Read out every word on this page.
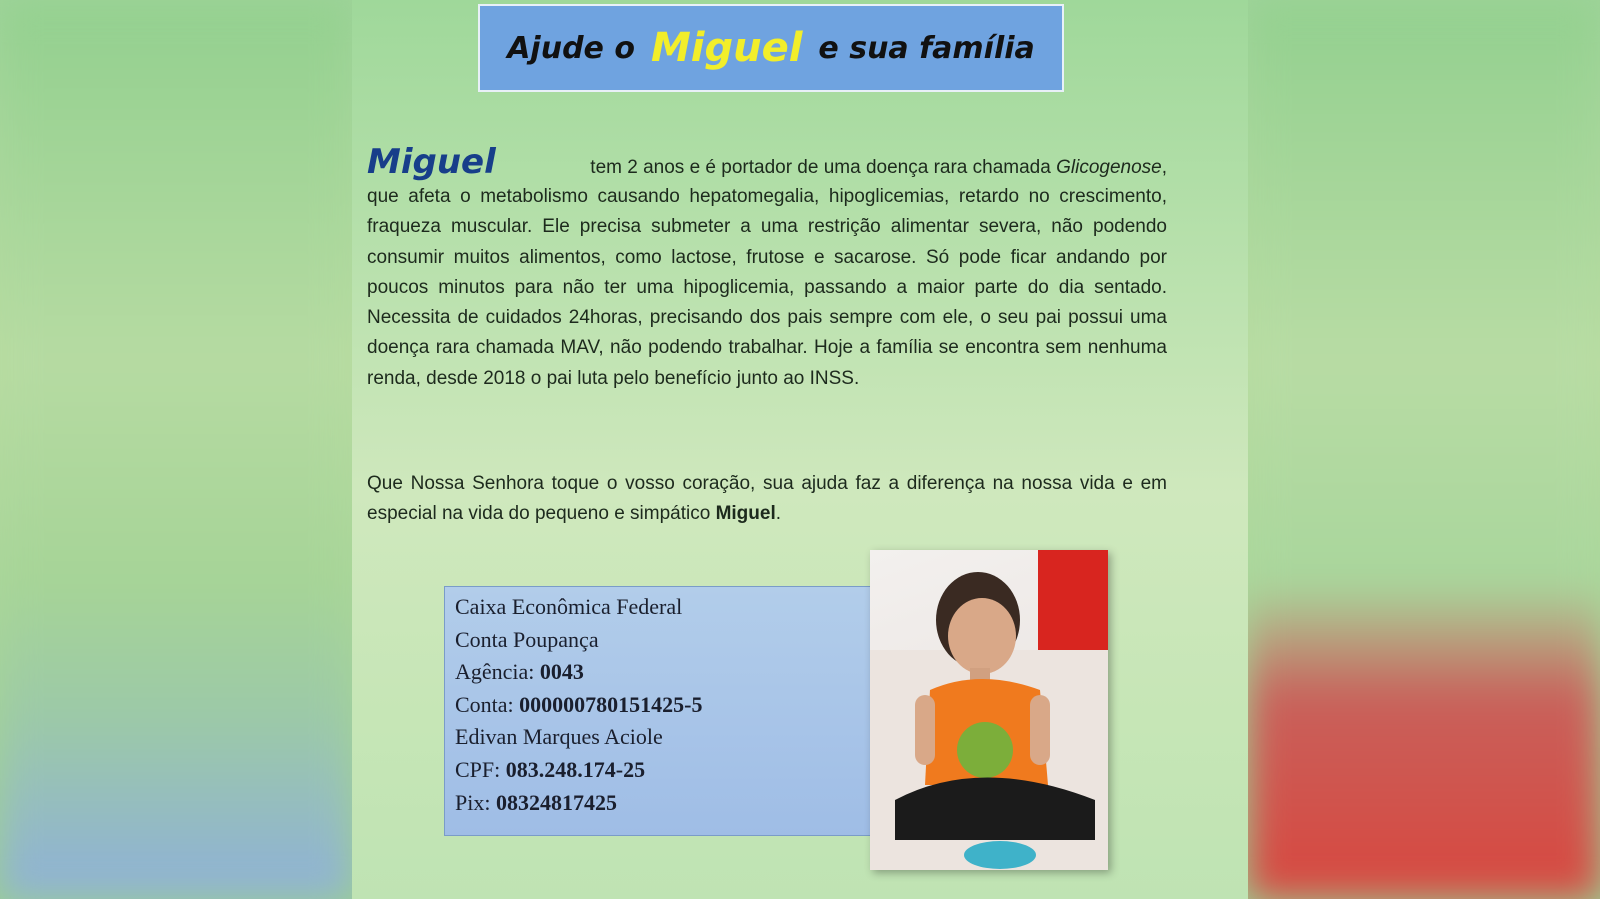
Ajude o Miguel e sua família
Miguel	tem 2 anos e é portador de uma doença rara chamada Glicogenose,

que afeta o metabolismo causando hepatomegalia, hipoglicemias, retardo no crescimento, fraqueza muscular. Ele precisa submeter a uma restrição alimentar severa, não podendo consumir muitos alimentos, como lactose, frutose e sacarose. Só pode ficar andando por poucos minutos para não ter uma hipoglicemia, passando a maior parte do dia sentado. Necessita de cuidados 24horas, precisando dos pais sempre com ele, o seu pai possui uma doença rara chamada MAV, não podendo trabalhar. Hoje a família se encontra sem nenhuma renda, desde 2018 o pai luta pelo benefício junto ao INSS.

Que Nossa Senhora toque o vosso coração, sua ajuda faz a diferença na nossa vida e em especial na vida do pequeno e simpático Miguel.

Caixa Econômica Federal
Conta Poupança
Agência: 0043
Conta: 000000780151425-5
Edivan Marques Aciole
CPF: 083.248.174-25
Pix: 08324817425
